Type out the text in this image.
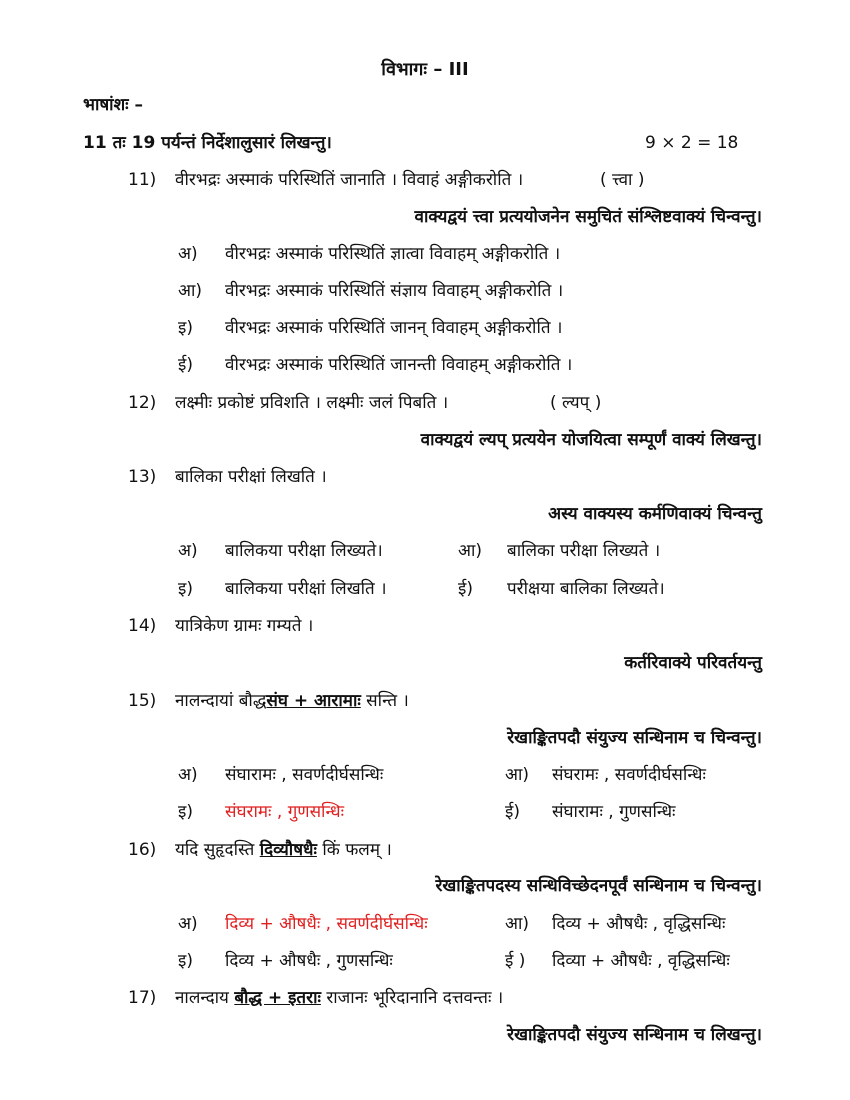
विभागः – III
भाषांशः –
11 तः 19 पर्यन्तं निर्देशालुसारं लिखन्तु।	9 × 2 = 18
11) वीरभद्रः अस्माकं परिस्थितिं जानाति । विवाहं अङ्गीकरोति ।	( त्त्वा )
वाक्यद्वयं त्त्वा प्रत्ययोजनेन समुचितं संश्लिष्टवाक्यं चिन्वन्तु।
अ) वीरभद्रः अस्माकं परिस्थितिं ज्ञात्वा विवाहम् अङ्गीकरोति ।
आ) वीरभद्रः अस्माकं परिस्थितिं संज्ञाय विवाहम् अङ्गीकरोति ।
इ) वीरभद्रः अस्माकं परिस्थितिं जानन् विवाहम् अङ्गीकरोति ।
ई) वीरभद्रः अस्माकं परिस्थितिं जानन्ती विवाहम् अङ्गीकरोति ।
12) लक्ष्मीः प्रकोष्टं प्रविशति । लक्ष्मीः जलं पिबति ।	( ल्यप् )
वाक्यद्वयं ल्यप् प्रत्ययेन योजयित्वा सम्पूर्णं वाक्यं लिखन्तु।
13) बालिका परीक्षां लिखति ।
अस्य वाक्यस्य कर्मणिवाक्यं चिन्वन्तु
अ) बालिकया परीक्षा लिख्यते।	आ) बालिका परीक्षा लिख्यते ।
इ) बालिकया परीक्षां लिखति ।	ई) परीक्षया बालिका लिख्यते।
14) यात्रिकेण ग्रामः गम्यते ।
कर्तरिवाक्ये परिवर्तयन्तु
15) नालन्दायां बौद्धसंघ + आरामाः सन्ति ।
रेखाङ्कितपदौ संयुज्य सन्धिनाम च चिन्वन्तु।
अ) संघारामः , सवर्णदीर्घसन्धिः	आ) संघरामः , सवर्णदीर्घसन्धिः
इ) संघरामः , गुणसन्धिः	ई) संघारामः , गुणसन्धिः
16) यदि सुहृदस्ति दिव्यौषधैः किं फलम् ।
रेखाङ्कितपदस्य सन्धिविच्छेदनपूर्वं सन्धिनाम च चिन्वन्तु।
अ) दिव्य + औषधैः , सवर्णदीर्घसन्धिः	आ) दिव्य + औषधैः , वृद्धिसन्धिः
इ) दिव्य + औषधैः , गुणसन्धिः	ई ) दिव्या + औषधैः , वृद्धिसन्धिः
17) नालन्दाय बौद्ध + इतराः राजानः भूरिदानानि दत्तवन्तः ।
रेखाङ्कितपदौ संयुज्य सन्धिनाम च लिखन्तु।
